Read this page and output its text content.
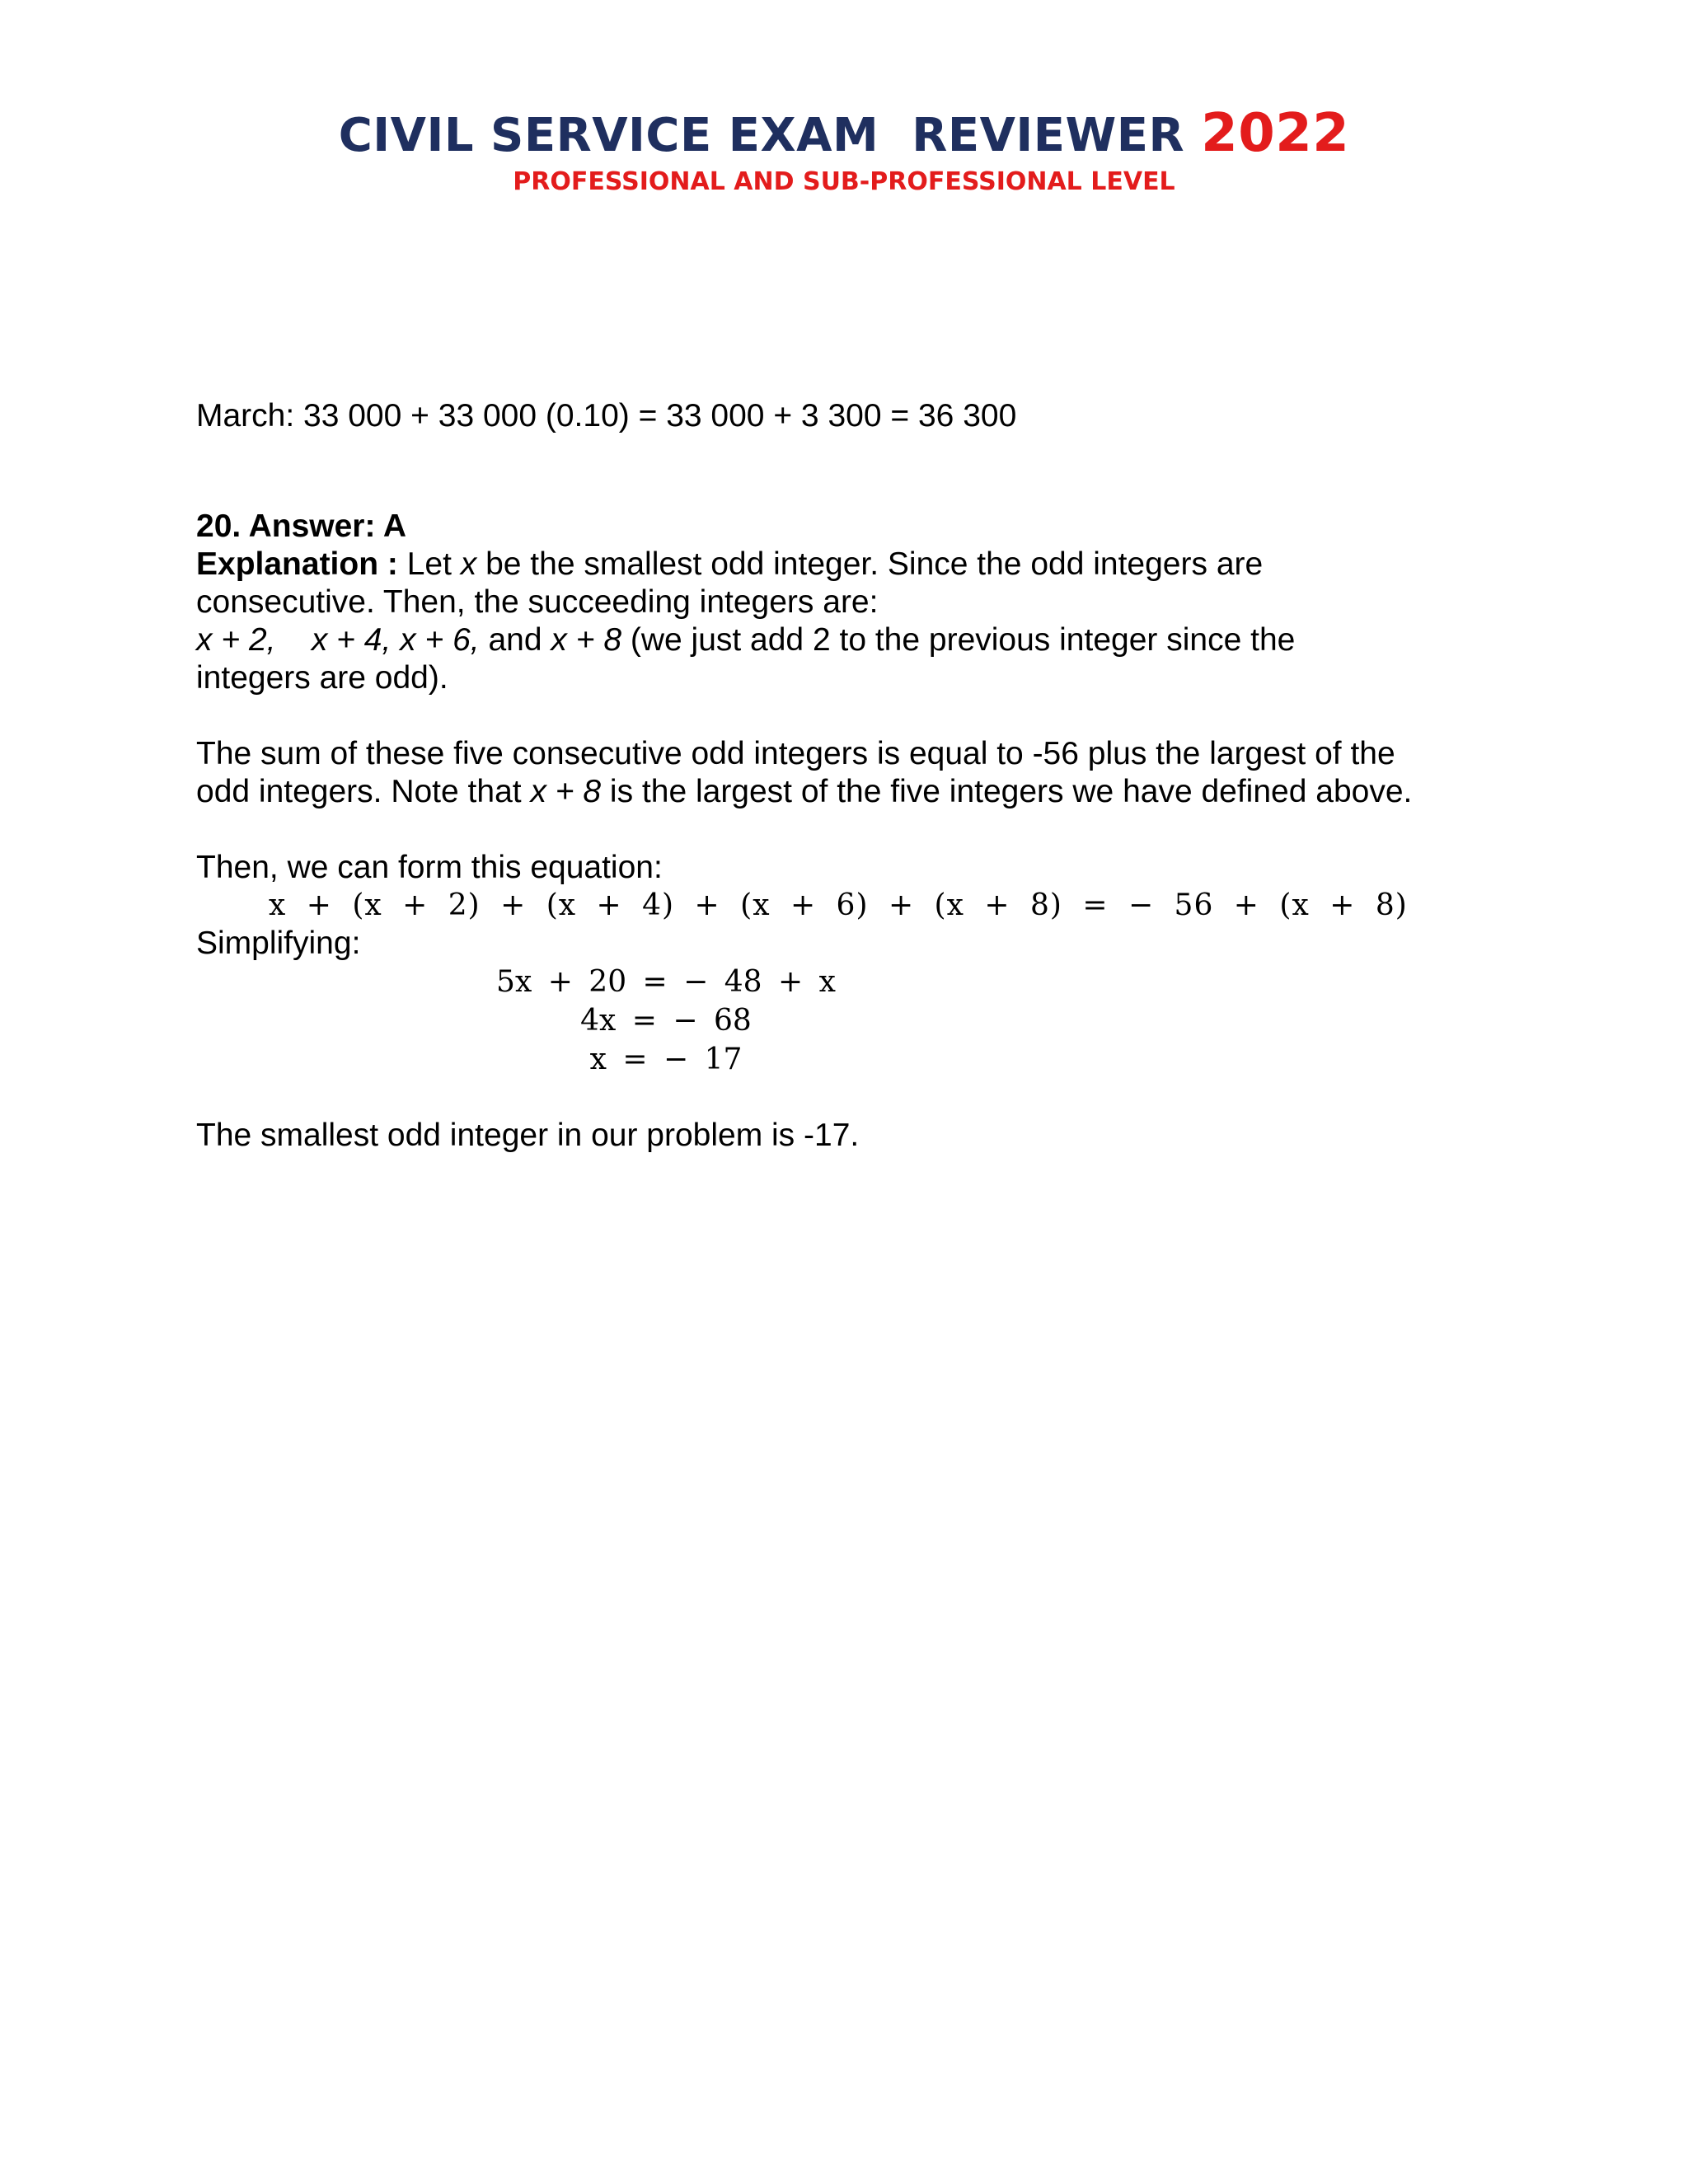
CIVIL SERVICE EXAM  REVIEWER 2022
PROFESSIONAL AND SUB-PROFESSIONAL LEVEL
March: 33 000 + 33 000 (0.10) = 33 000 + 3 300 = 36 300
20. Answer: A
Explanation : Let x be the smallest odd integer. Since the odd integers are
consecutive. Then, the succeeding integers are:
x + 2,    x + 4, x + 6, and x + 8 (we just add 2 to the previous integer since the
integers are odd).
The sum of these five consecutive odd integers is equal to -56 plus the largest of the
odd integers. Note that x + 8 is the largest of the five integers we have defined above.
Then, we can form this equation:
x + (x + 2) + (x + 4) + (x + 6) + (x + 8) = − 56 + (x + 8)
Simplifying:
5x + 20 = − 48 + x
4x = − 68
x = − 17
The smallest odd integer in our problem is -17.
